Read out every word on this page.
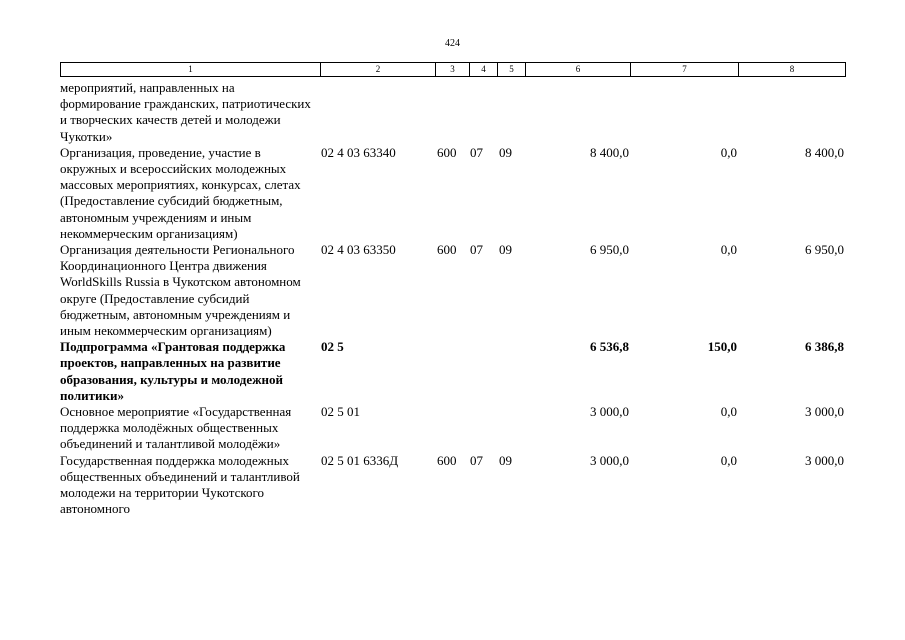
424
1	2	3	4	5	6	7	8
мероприятий, направленных на формирование гражданских, патриотических и творческих качеств детей и молодежи Чукотки»							
Организация, проведение, участие в окружных и всероссийских молодежных массовых мероприятиях, конкурсах, слетах (Предоставление субсидий бюджетным, автономным учреждениям и иным некоммерческим организациям)	02 4 03 63340	600	07	09	8 400,0	0,0	8 400,0
Организация деятельности Регионального Координационного Центра движения WorldSkills Russia в Чукотском автономном округе (Предоставление субсидий бюджетным, автономным учреждениям и иным некоммерческим организациям)	02 4 03 63350	600	07	09	6 950,0	0,0	6 950,0
Подпрограмма «Грантовая поддержка проектов, направленных на развитие образования, культуры и молодежной политики»	02 5				6 536,8	150,0	6 386,8
Основное мероприятие «Государственная поддержка молодёжных общественных объединений и талантливой молодёжи»	02 5 01				3 000,0	0,0	3 000,0
Государственная поддержка молодежных общественных объединений и талантливой молодежи на территории Чукотского автономного	02 5 01 6336Д	600	07	09	3 000,0	0,0	3 000,0
